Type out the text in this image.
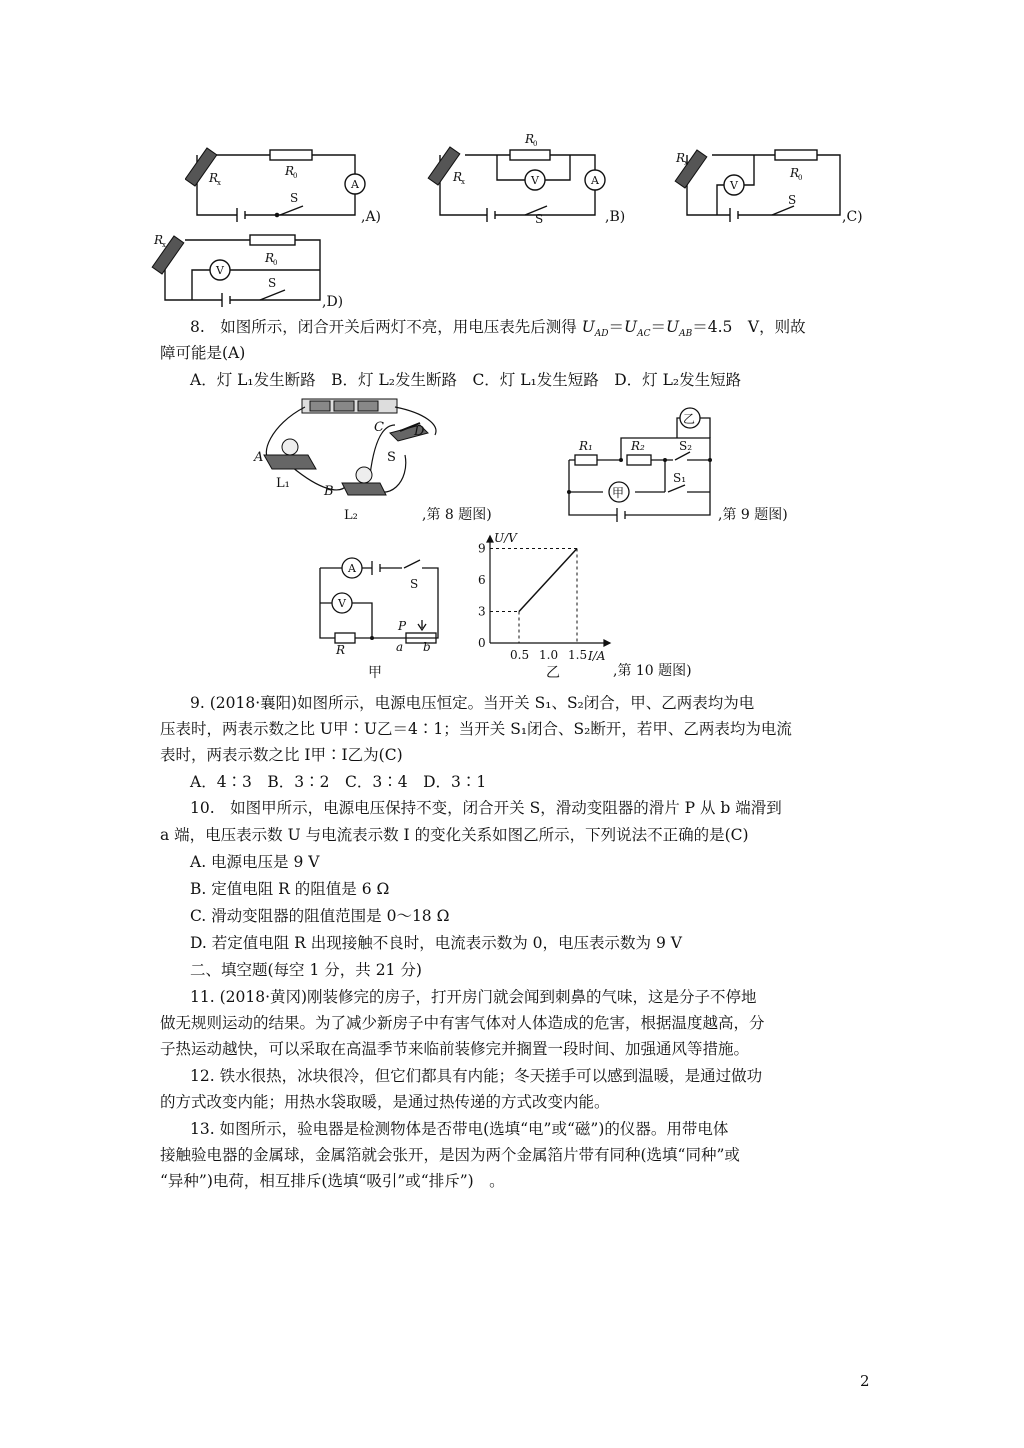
R
x
R
0
A
S
,A)
R
x
R
0
V	A
S	,B)
R
x
R
0
V
S
,C)
R
x
R
0
V
S
,D)
8.　如图所示，闭合开关后两灯不亮，用电压表先后测得 $U_{AD}=U_{AC}=U_{AB}=4.5$　V，则故
障可能是(A)
A．灯 L₁发生断路　B．灯 L₂发生断路　C．灯 L₁发生短路　D．灯 L₂发生短路
A
B
C D
S
L₁
L₂	,第 8 题图)
R₁	R₂	S₂
S₁
乙
甲
,第 9 题图)
A
V
S
R
P
a b
甲
0
3
6
9
0.5 1.0 1.5
U/V
I/A
乙	,第 10 题图)
9. (2018·襄阳)如图所示，电源电压恒定。当开关 S₁、S₂闭合，甲、乙两表均为电
压表时，两表示数之比 U甲∶U乙＝4∶1；当开关 S₁闭合、S₂断开，若甲、乙两表均为电流
表时，两表示数之比 I甲∶I乙为(C)
A．4∶3　B．3∶2　C．3∶4　D．3∶1
10.　如图甲所示，电源电压保持不变，闭合开关 S，滑动变阻器的滑片 P 从 b 端滑到
a 端，电压表示数 U 与电流表示数 I 的变化关系如图乙所示，下列说法不正确的是(C)
A. 电源电压是 9 V
B. 定值电阻 R 的阻值是 6 Ω
C. 滑动变阻器的阻值范围是 0～18 Ω
D. 若定值电阻 R 出现接触不良时，电流表示数为 0，电压表示数为 9 V
二、填空题(每空 1 分，共 21 分)
11. (2018·黄冈)刚装修完的房子，打开房门就会闻到刺鼻的气味，这是分子不停地
做无规则运动的结果。为了减少新房子中有害气体对人体造成的危害，根据温度越高，分
子热运动越快，可以采取在高温季节来临前装修完并搁置一段时间、加强通风等措施。
12. 铁水很热，冰块很冷，但它们都具有内能；冬天搓手可以感到温暖，是通过做功
的方式改变内能；用热水袋取暖，是通过热传递的方式改变内能。
13. 如图所示，验电器是检测物体是否带电(选填“电”或“磁”)的仪器。用带电体
接触验电器的金属球，金属箔就会张开，是因为两个金属箔片带有同种(选填“同种”或
“异种”)电荷，相互排斥(选填“吸引”或“排斥”)　。
2
